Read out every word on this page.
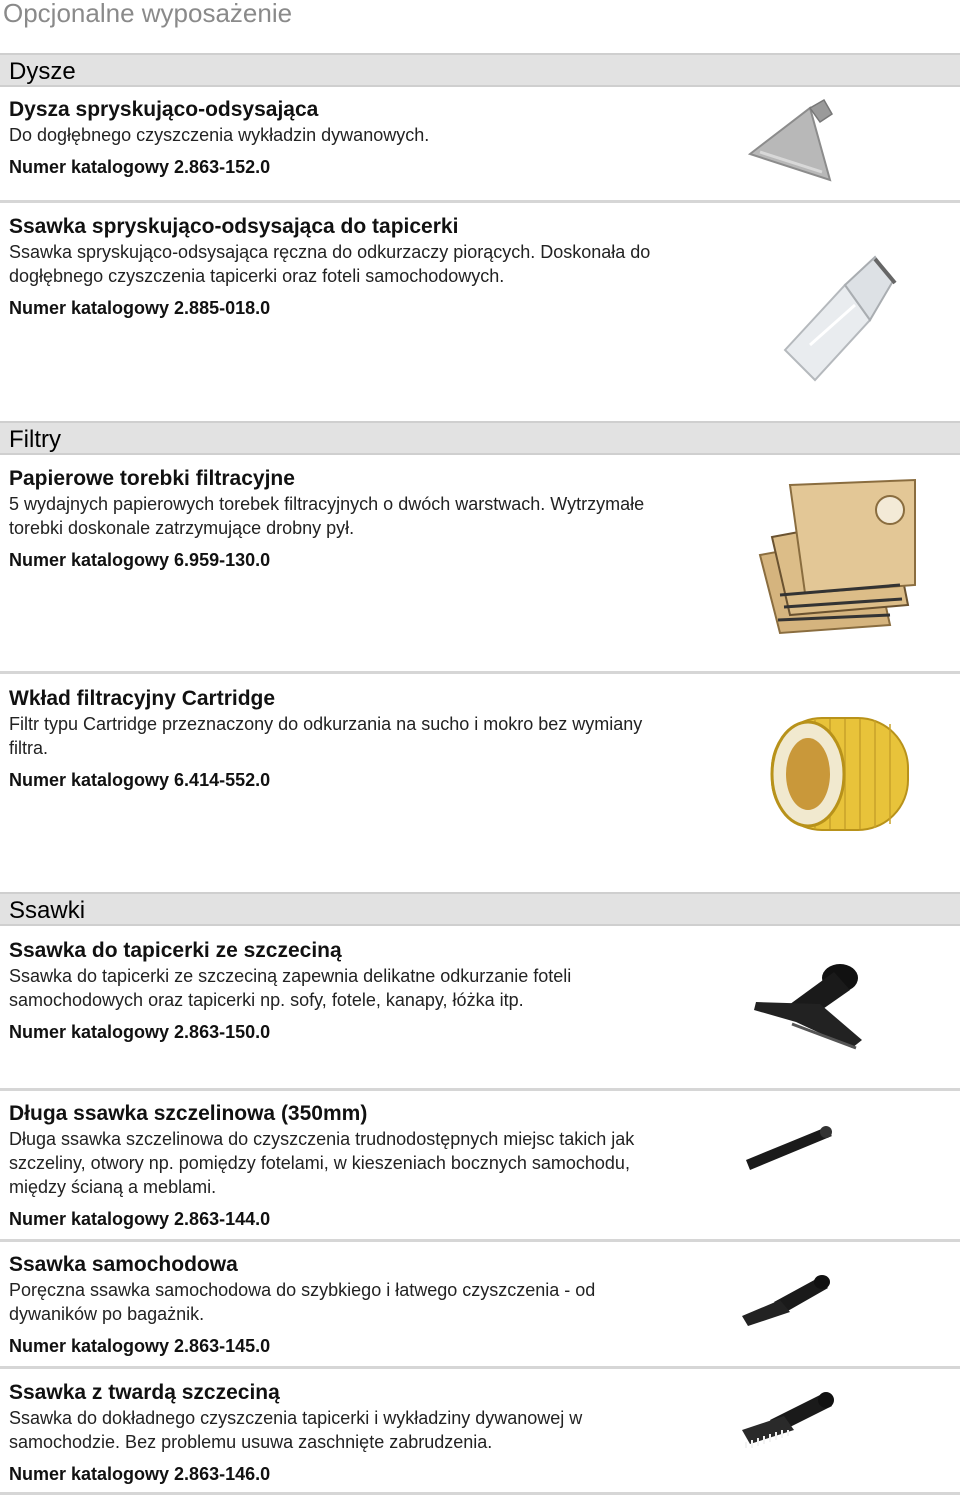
Opcjonalne wyposażenie
Dysze
Dysza spryskująco-odsysająca
Do dogłębnego czyszczenia wykładzin dywanowych.
Numer katalogowy 2.863-152.0
Ssawka spryskująco-odsysająca do tapicerki
Ssawka spryskująco-odsysająca ręczna do odkurzaczy piorących. Doskonała do
dogłębnego czyszczenia tapicerki oraz foteli samochodowych.
Numer katalogowy 2.885-018.0
Filtry
Papierowe torebki filtracyjne
5 wydajnych papierowych torebek filtracyjnych o dwóch warstwach. Wytrzymałe
torebki doskonale zatrzymujące drobny pył.
Numer katalogowy 6.959-130.0
Wkład filtracyjny Cartridge
Filtr typu Cartridge przeznaczony do odkurzania na sucho i mokro bez wymiany
filtra.
Numer katalogowy 6.414-552.0
Ssawki
Ssawka do tapicerki ze szczeciną
Ssawka do tapicerki ze szczeciną zapewnia delikatne odkurzanie foteli
samochodowych oraz tapicerki np. sofy, fotele, kanapy, łóżka itp.
Numer katalogowy 2.863-150.0
Długa ssawka szczelinowa (350mm)
Długa ssawka szczelinowa do czyszczenia trudnodostępnych miejsc takich jak
szczeliny, otwory np. pomiędzy fotelami, w kieszeniach bocznych samochodu,
między ścianą a meblami.
Numer katalogowy 2.863-144.0
Ssawka samochodowa
Poręczna ssawka samochodowa do szybkiego i łatwego czyszczenia - od
dywaników po bagażnik.
Numer katalogowy 2.863-145.0
Ssawka z twardą szczeciną
Ssawka do dokładnego czyszczenia tapicerki i wykładziny dywanowej w
samochodzie. Bez problemu usuwa zaschnięte zabrudzenia.
Numer katalogowy 2.863-146.0
